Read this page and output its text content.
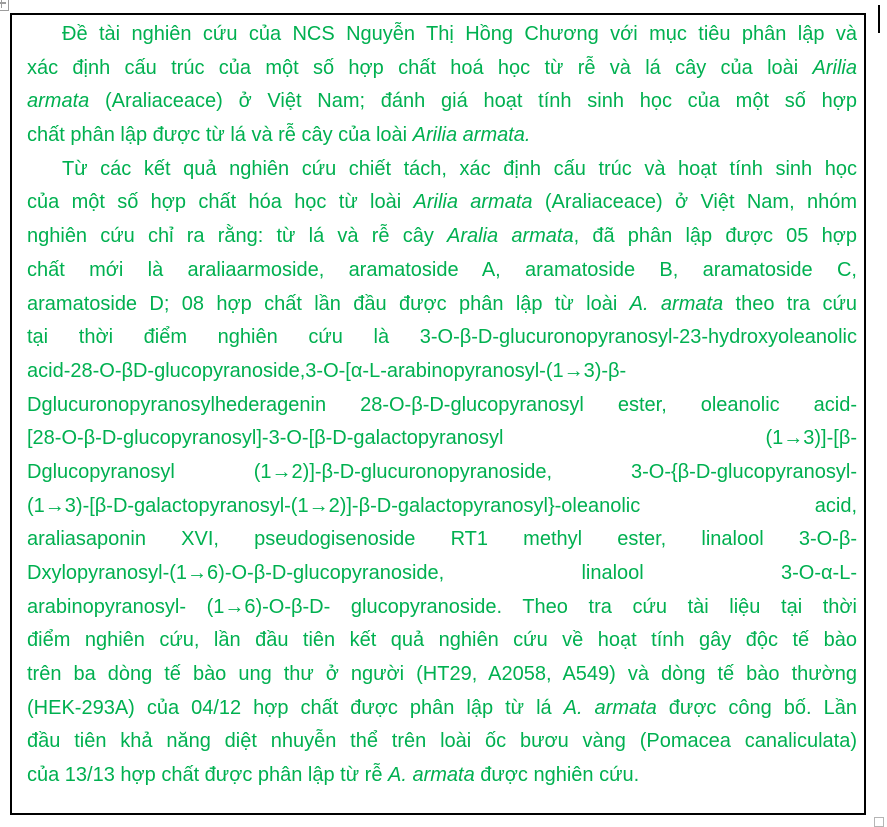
Đề tài nghiên cứu của NCS Nguyễn Thị Hồng Chương với mục tiêu phân lập và
xác định cấu trúc của một số hợp chất hoá học từ rễ và lá cây của loài Arilia
armata (Araliaceace) ở Việt Nam; đánh giá hoạt tính sinh học của một số hợp
chất phân lập được từ lá và rễ cây của loài Arilia armata.
Từ các kết quả nghiên cứu chiết tách, xác định cấu trúc và hoạt tính sinh học
của một số hợp chất hóa học từ loài Arilia armata (Araliaceace) ở Việt Nam, nhóm
nghiên cứu chỉ ra rằng: từ lá và rễ cây Aralia armata, đã phân lập được 05 hợp
chất mới là araliaarmoside, aramatoside A, aramatoside B, aramatoside C,
aramatoside D; 08 hợp chất lần đầu được phân lập từ loài A. armata theo tra cứu
tại thời điểm nghiên cứu là 3-O-β-D-glucuronopyranosyl-23-hydroxyoleanolic
acid-28-O-βD-glucopyranoside,3-O-[α-L-arabinopyranosyl-(1→3)-β-
Dglucuronopyranosylhederagenin 28-O-β-D-glucopyranosyl ester, oleanolic acid-
[28-O-β-D-glucopyranosyl]-3-O-[β-D-galactopyranosyl (1→3)]-[β-
Dglucopyranosyl (1→2)]-β-D-glucuronopyranoside, 3-O-{β-D-glucopyranosyl-
(1→3)-[β-D-galactopyranosyl-(1→2)]-β-D-galactopyranosyl}-oleanolic acid,
araliasaponin XVI, pseudogisenoside RT1 methyl ester, linalool 3-O-β-
Dxylopyranosyl-(1→6)-O-β-D-glucopyranoside, linalool 3-O-α-L-
arabinopyranosyl- (1→6)-O-β-D- glucopyranoside. Theo tra cứu tài liệu tại thời
điểm nghiên cứu, lần đầu tiên kết quả nghiên cứu về hoạt tính gây độc tế bào
trên ba dòng tế bào ung thư ở người (HT29, A2058, A549) và dòng tế bào thường
(HEK-293A) của 04/12 hợp chất được phân lập từ lá A. armata được công bố. Lần
đầu tiên khả năng diệt nhuyễn thể trên loài ốc bươu vàng (Pomacea canaliculata)
của 13/13 hợp chất được phân lập từ rễ A. armata được nghiên cứu.
